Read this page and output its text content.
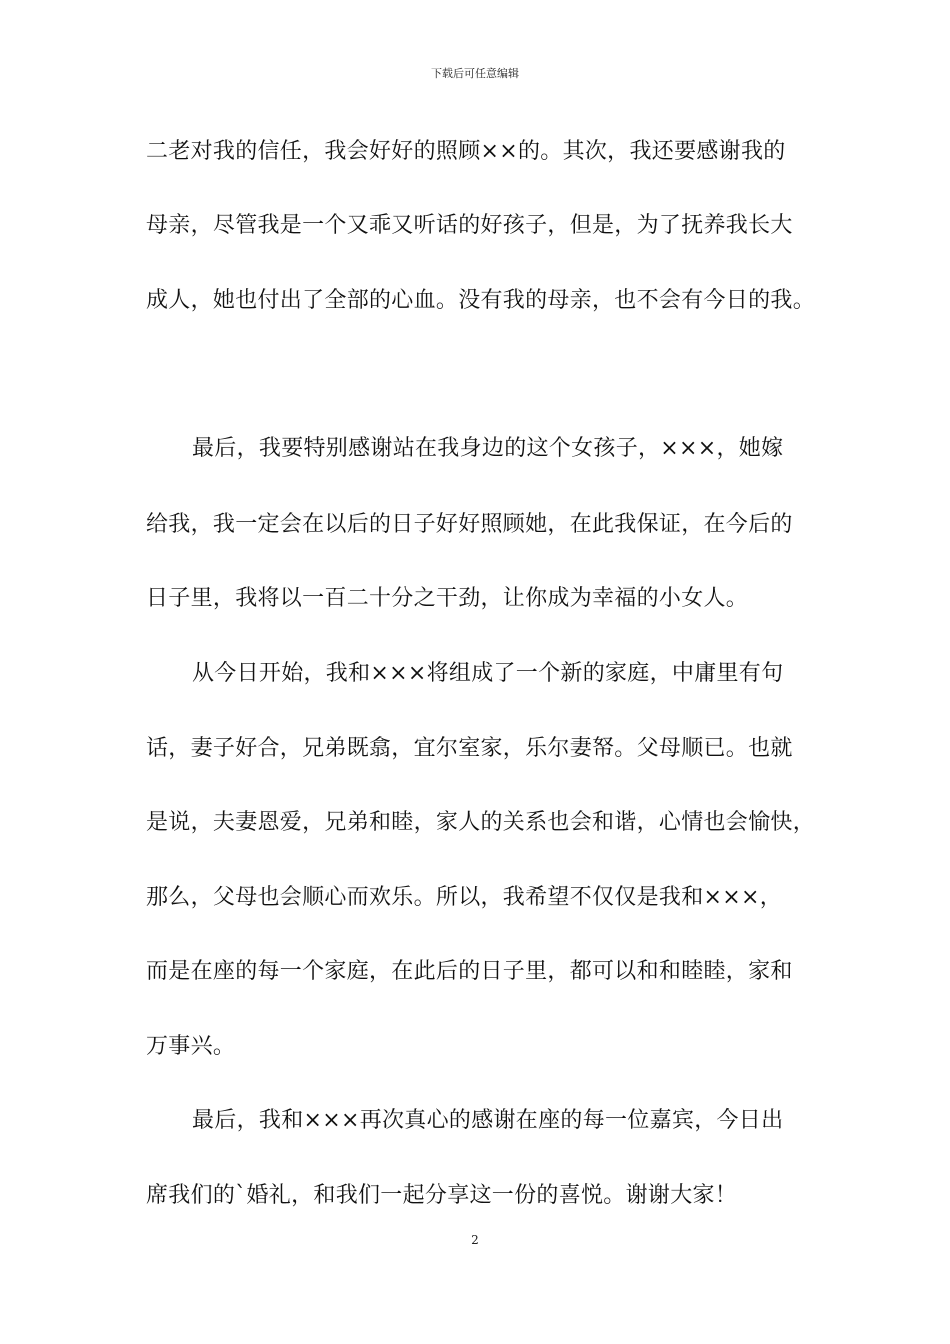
下载后可任意编辑
二老对我的信任，我会好好的照顾××的。其次，我还要感谢我的
母亲，尽管我是一个又乖又听话的好孩子，但是，为了抚养我长大
成人，她也付出了全部的心血。没有我的母亲，也不会有今日的我。
最后，我要特别感谢站在我身边的这个女孩子，×××，她嫁
给我，我一定会在以后的日子好好照顾她，在此我保证，在今后的
日子里，我将以一百二十分之干劲，让你成为幸福的小女人。
从今日开始，我和×××将组成了一个新的家庭，中庸里有句
话，妻子好合，兄弟既翕，宜尔室家，乐尔妻帑。父母顺已。也就
是说，夫妻恩爱，兄弟和睦，家人的关系也会和谐，心情也会愉快，
那么，父母也会顺心而欢乐。所以，我希望不仅仅是我和×××，
而是在座的每一个家庭，在此后的日子里，都可以和和睦睦，家和
万事兴。
最后，我和×××再次真心的感谢在座的每一位嘉宾，今日出
席我们的`婚礼，和我们一起分享这一份的喜悦。谢谢大家！
2
